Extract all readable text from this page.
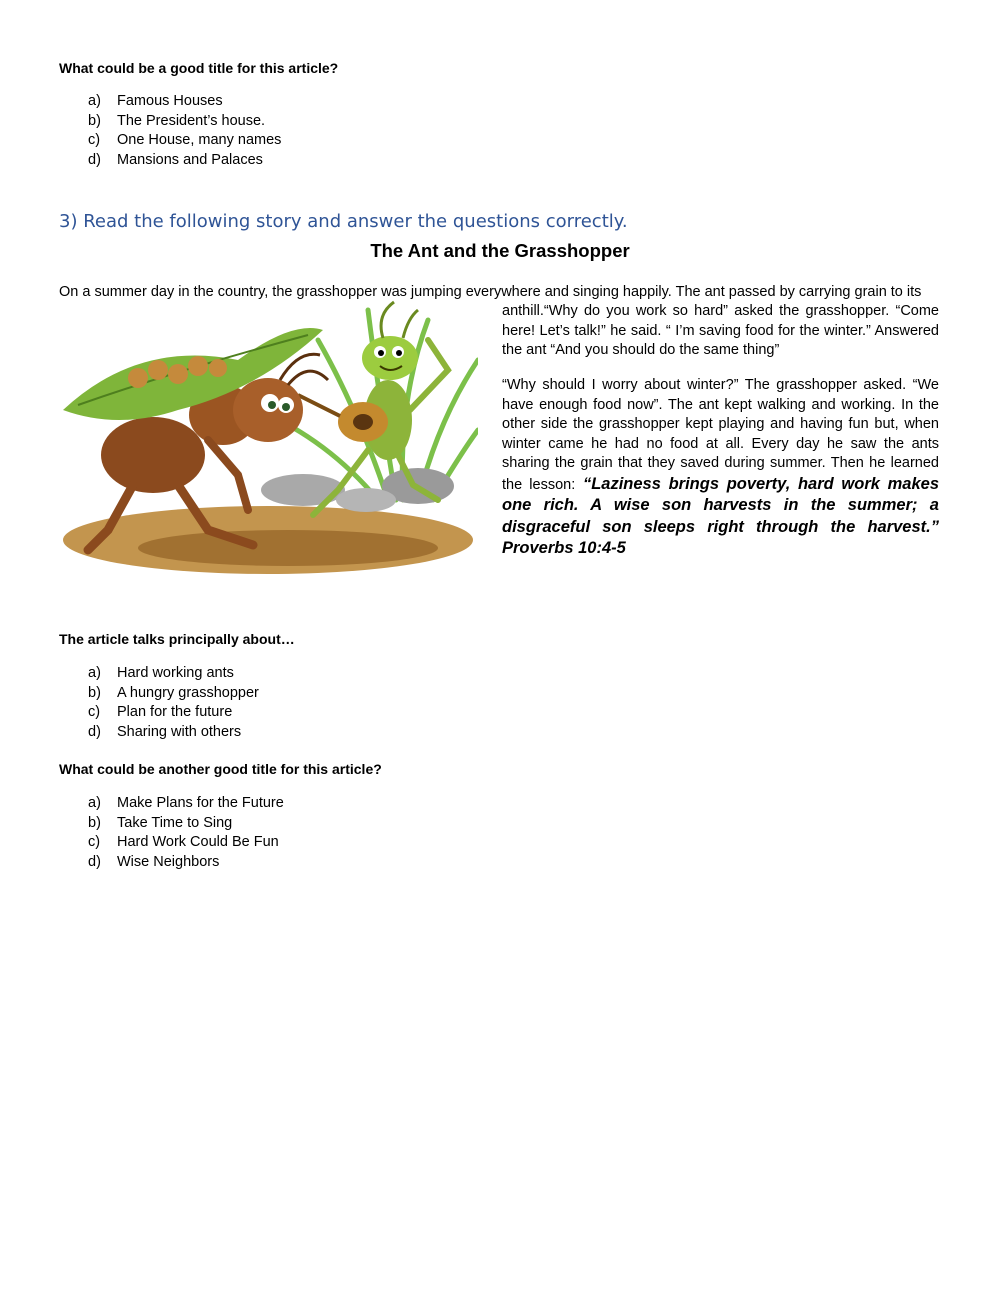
What could be a good title for this article?

a)	Famous Houses
b)	The President’s house.
c)	One House, many names
d)	Mansions and Palaces
3) Read the following story and answer the questions correctly.
The Ant and the Grasshopper

On a summer day in the country, the grasshopper was jumping everywhere and singing happily. The ant passed by carrying grain to its

anthill.“Why do you work so hard” asked the grasshopper. “Come here! Let’s talk!” he said. “ I’m saving food for the winter.” Answered the ant “And you should do the same thing”

“Why should I worry about winter?” The grasshopper asked. “We have enough food now”. The ant kept walking and working. In the other side the grasshopper kept playing and having fun but, when winter came he had no food at all. Every day he saw the ants sharing the grain that they saved during summer. Then he learned the lesson: “Laziness brings poverty, hard work makes one rich. A wise son harvests in the summer; a disgraceful son sleeps right through the harvest.” Proverbs 10:4-5

The article talks principally about…

a)	Hard working ants
b)	A hungry grasshopper
c)	Plan for the future
d)	Sharing with others

What could be another good title for this article?

a)	Make Plans for the Future
b)	Take Time to Sing
c)	Hard Work Could Be Fun
d)	Wise Neighbors
